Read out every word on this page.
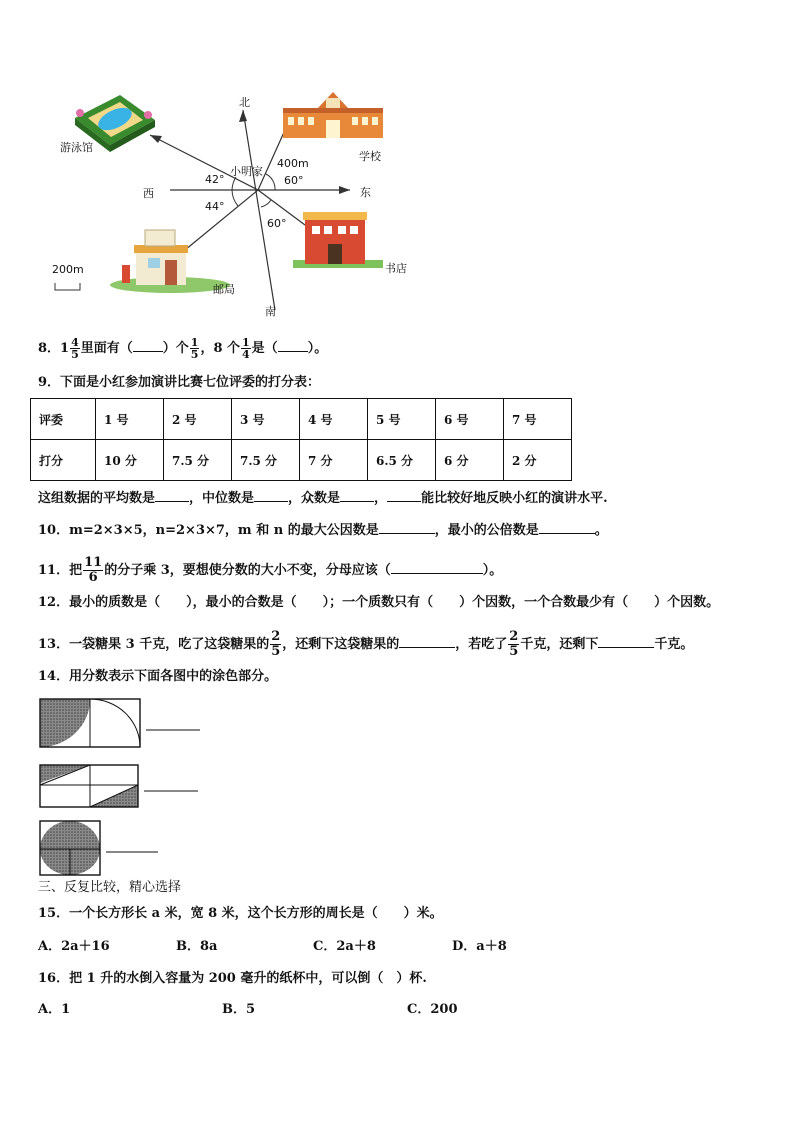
北
南
东
西
小明家
游泳馆
学校
书店
邮局
400m
200m
42°
44°
60°
60°
8．$1 \frac{4}{5}$ 里面有（ ）个 $\frac{1}{5}$ ，8 个 $\frac{1}{4}$ 是（ ）。
9．下面是小红参加演讲比赛七位评委的打分表：
评委	1 号	2 号	3 号	4 号	5 号	6 号	7 号
打分	10 分	7.5 分	7.5 分	7 分	6.5 分	6 分	2 分
这组数据的平均数是	，中位数是	，众数是	，	能比较好地反映小红的演讲水平.
10．m=2×3×5，n=2×3×7，m 和 n 的最大公因数是	，最小的公倍数是	。
11．把 $\frac{11}{6}$ 的分子乘 3，要想使分数的大小不变，分母应该（	）。
12．最小的质数是（　　），最小的合数是（　　）；一个质数只有（　　）个因数，一个合数最少有（　　）个因数。
13．一袋糖果 3 千克，吃了这袋糖果的 $\frac{2}{5}$ ，还剩下这袋糖果的	，若吃了 $\frac{2}{5}$ 千克，还剩下	千克。
14．用分数表示下面各图中的涂色部分。
三、反复比较，精心选择
15．一个长方形长 a 米，宽 8 米，这个长方形的周长是（　　）米。
A．2a＋16	B．8a	C．2a＋8	D．a＋8
16．把 1 升的水倒入容量为 200 毫升的纸杯中，可以倒（　）杯.
A．1	B．5	C．200
